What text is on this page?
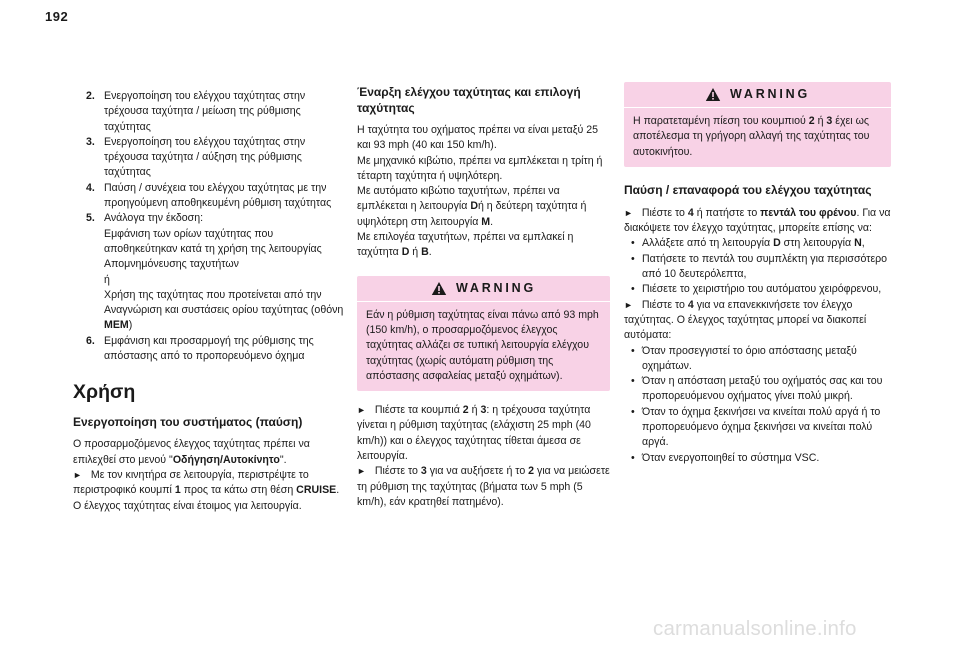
192
2. Ενεργοποίηση του ελέγχου ταχύτητας στην τρέχουσα ταχύτητα / μείωση της ρύθμισης ταχύτητας
3. Ενεργοποίηση του ελέγχου ταχύτητας στην τρέχουσα ταχύτητα / αύξηση της ρύθμισης ταχύτητας
4. Παύση / συνέχεια του ελέγχου ταχύτητας με την προηγούμενη αποθηκευμένη ρύθμιση ταχύτητας
5. Ανάλογα την έκδοση:
Εμφάνιση των ορίων ταχύτητας που αποθηκεύτηκαν κατά τη χρήση της λειτουργίας Απομνημόνευσης ταχυτήτων
ή
Χρήση της ταχύτητας που προτείνεται από την Αναγνώριση και συστάσεις ορίου ταχύτητας (οθόνη MEM)
6. Εμφάνιση και προσαρμογή της ρύθμισης της απόστασης από το προπορευόμενο όχημα
Χρήση
Ενεργοποίηση του συστήματος (παύση)
Ο προσαρμοζόμενος έλεγχος ταχύτητας πρέπει να επιλεχθεί στο μενού "Οδήγηση/Αυτοκίνητο".
► Με τον κινητήρα σε λειτουργία, περιστρέψτε το περιστροφικό κουμπί 1 προς τα κάτω στη θέση CRUISE. Ο έλεγχος ταχύτητας είναι έτοιμος για λειτουργία.
Έναρξη ελέγχου ταχύτητας και επιλογή ταχύτητας
Η ταχύτητα του οχήματος πρέπει να είναι μεταξύ 25 και 93 mph (40 και 150 km/h).
Με μηχανικό κιβώτιο, πρέπει να εμπλέκεται η τρίτη ή τέταρτη ταχύτητα ή υψηλότερη.
Με αυτόματο κιβώτιο ταχυτήτων, πρέπει να εμπλέκεται η λειτουργία Dή η δεύτερη ταχύτητα ή υψηλότερη στη λειτουργία M.
Με επιλογέα ταχυτήτων, πρέπει να εμπλακεί η ταχύτητα D ή B.
WARNING
Εάν η ρύθμιση ταχύτητας είναι πάνω από 93 mph (150 km/h), ο προσαρμοζόμενος έλεγχος ταχύτητας αλλάζει σε τυπική λειτουργία ελέγχου ταχύτητας (χωρίς αυτόματη ρύθμιση της απόστασης ασφαλείας μεταξύ οχημάτων).
► Πιέστε τα κουμπιά 2 ή 3: η τρέχουσα ταχύτητα γίνεται η ρύθμιση ταχύτητας (ελάχιστη 25 mph (40 km/h)) και ο έλεγχος ταχύτητας τίθεται άμεσα σε λειτουργία.
► Πιέστε το 3 για να αυξήσετε ή το 2 για να μειώσετε τη ρύθμιση της ταχύτητας (βήματα των 5 mph (5 km/h), εάν κρατηθεί πατημένο).
WARNING
Η παρατεταμένη πίεση του κουμπιού 2 ή 3 έχει ως αποτέλεσμα τη γρήγορη αλλαγή της ταχύτητας του αυτοκινήτου.
Παύση / επαναφορά του ελέγχου ταχύτητας
► Πιέστε το 4 ή πατήστε το πεντάλ του φρένου. Για να διακόψετε τον έλεγχο ταχύτητας, μπορείτε επίσης να:
• Αλλάξετε από τη λειτουργία D στη λειτουργία N,
• Πατήσετε το πεντάλ του συμπλέκτη για περισσότερο από 10 δευτερόλεπτα,
• Πιέσετε το χειριστήριο του αυτόματου χειρόφρενου,
► Πιέστε το 4 για να επανεκκινήσετε τον έλεγχο ταχύτητας. Ο έλεγχος ταχύτητας μπορεί να διακοπεί αυτόματα:
• Όταν προσεγγιστεί το όριο απόστασης μεταξύ οχημάτων.
• Όταν η απόσταση μεταξύ του οχήματός σας και του προπορευόμενου οχήματος γίνει πολύ μικρή.
• Όταν το όχημα ξεκινήσει να κινείται πολύ αργά ή το προπορευόμενο όχημα ξεκινήσει να κινείται πολύ αργά.
• Όταν ενεργοποιηθεί το σύστημα VSC.
carmanualsonline.info
